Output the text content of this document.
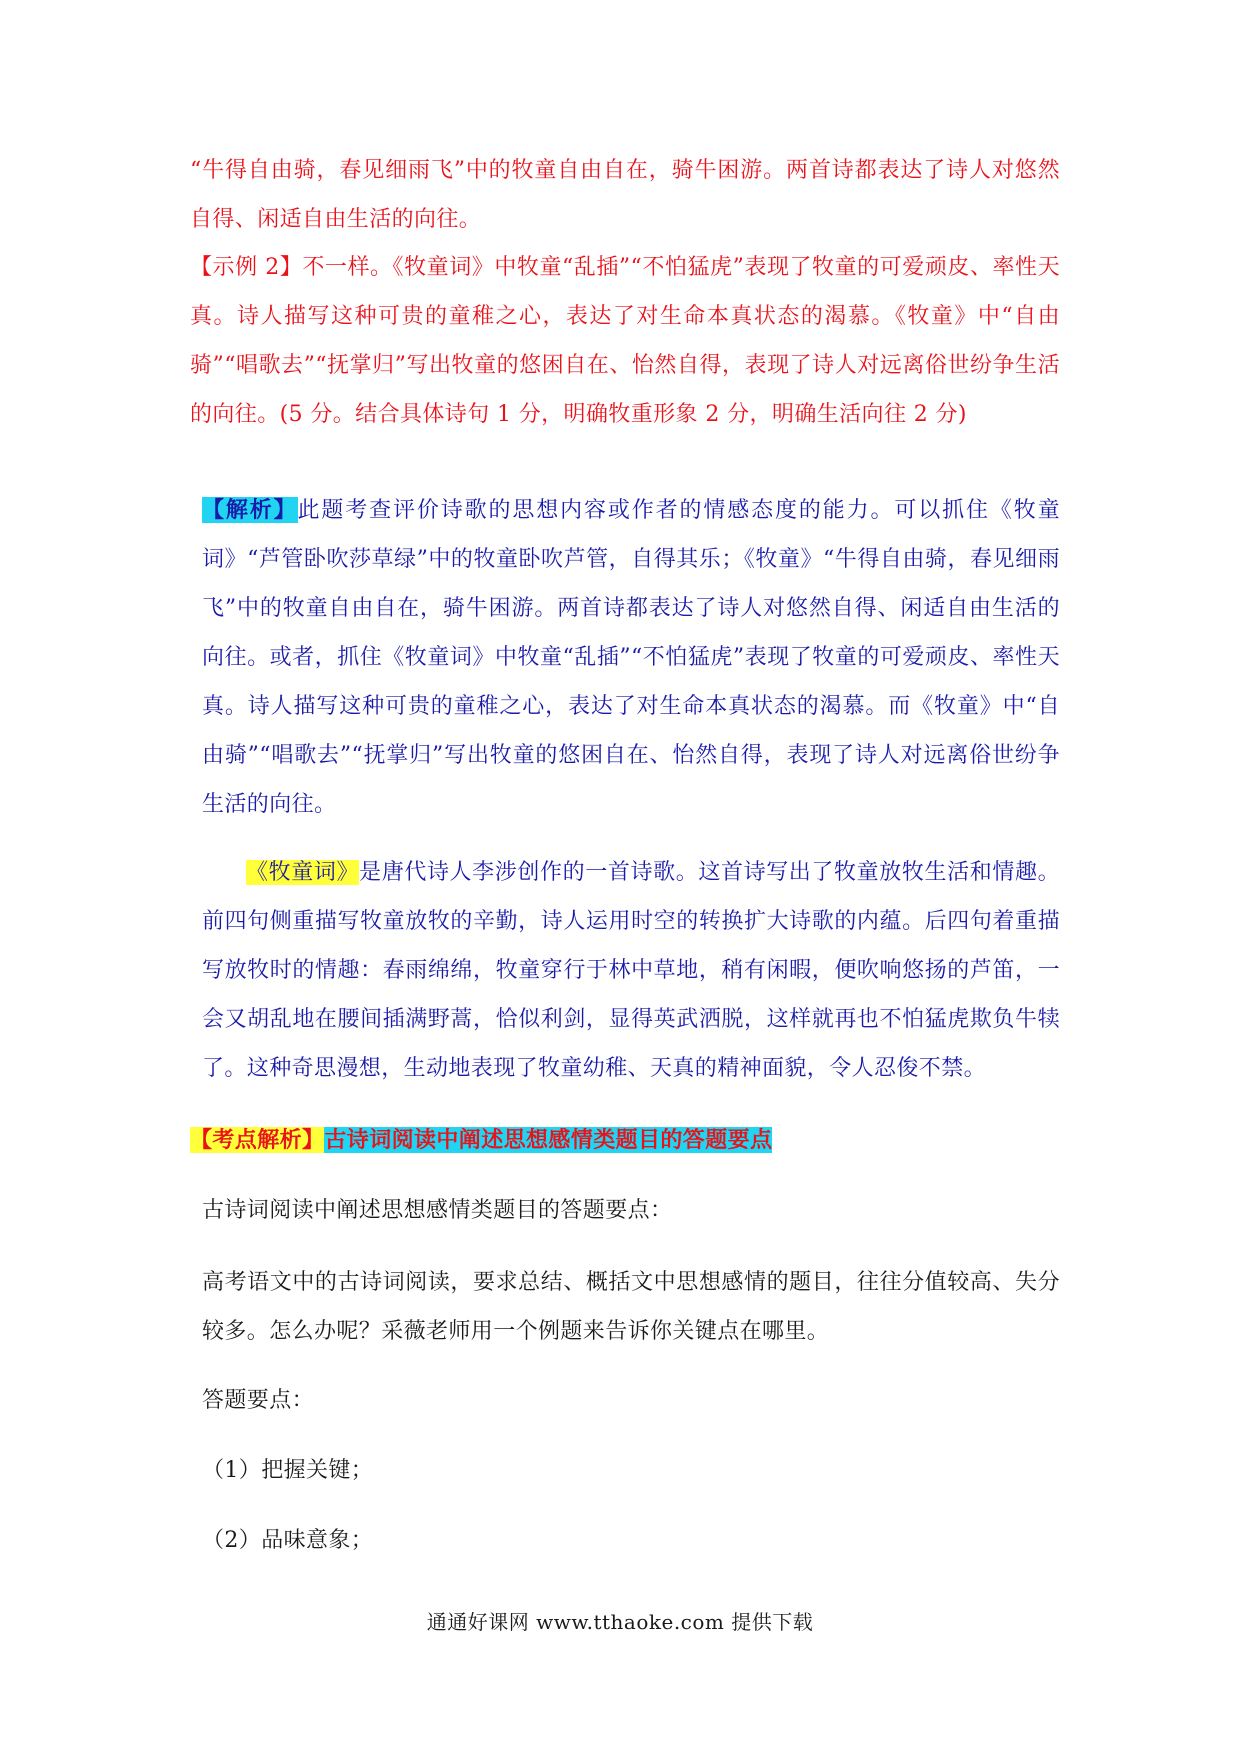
“牛得自由骑，春见细雨飞”中的牧童自由自在，骑牛困游。两首诗都表达了诗人对悠然自得、闲适自由生活的向往。

【示例 2】不一样。《牧童词》中牧童“乱插”“不怕猛虎”表现了牧童的可爱顽皮、率性天真。诗人描写这种可贵的童稚之心，表达了对生命本真状态的渴慕。《牧童》中“自由骑”“唱歌去”“抚掌归”写出牧童的悠困自在、怡然自得，表现了诗人对远离俗世纷争生活的向往。(5 分。结合具体诗句 1 分，明确牧重形象 2 分，明确生活向往 2 分)

【解析】此题考查评价诗歌的思想内容或作者的情感态度的能力。可以抓住《牧童词》“芦管卧吹莎草绿”中的牧童卧吹芦管，自得其乐；《牧童》“牛得自由骑，春见细雨飞”中的牧童自由自在，骑牛困游。两首诗都表达了诗人对悠然自得、闲适自由生活的向往。或者，抓住《牧童词》中牧童“乱插”“不怕猛虎”表现了牧童的可爱顽皮、率性天真。诗人描写这种可贵的童稚之心，表达了对生命本真状态的渴慕。而《牧童》中“自由骑”“唱歌去”“抚掌归”写出牧童的悠困自在、怡然自得，表现了诗人对远离俗世纷争生活的向往。

《牧童词》是唐代诗人李涉创作的一首诗歌。这首诗写出了牧童放牧生活和情趣。前四句侧重描写牧童放牧的辛勤，诗人运用时空的转换扩大诗歌的内蕴。后四句着重描写放牧时的情趣：春雨绵绵，牧童穿行于林中草地，稍有闲暇，便吹响悠扬的芦笛，一会又胡乱地在腰间插满野蒿，恰似利剑，显得英武洒脱，这样就再也不怕猛虎欺负牛犊了。这种奇思漫想，生动地表现了牧童幼稚、天真的精神面貌，令人忍俊不禁。

【考点解析】古诗词阅读中阐述思想感情类题目的答题要点

古诗词阅读中阐述思想感情类题目的答题要点：

高考语文中的古诗词阅读，要求总结、概括文中思想感情的题目，往往分值较高、失分较多。怎么办呢？采薇老师用一个例题来告诉你关键点在哪里。

答题要点：

（1）把握关键；

（2）品味意象；

通通好课网 www.tthaoke.com 提供下载
